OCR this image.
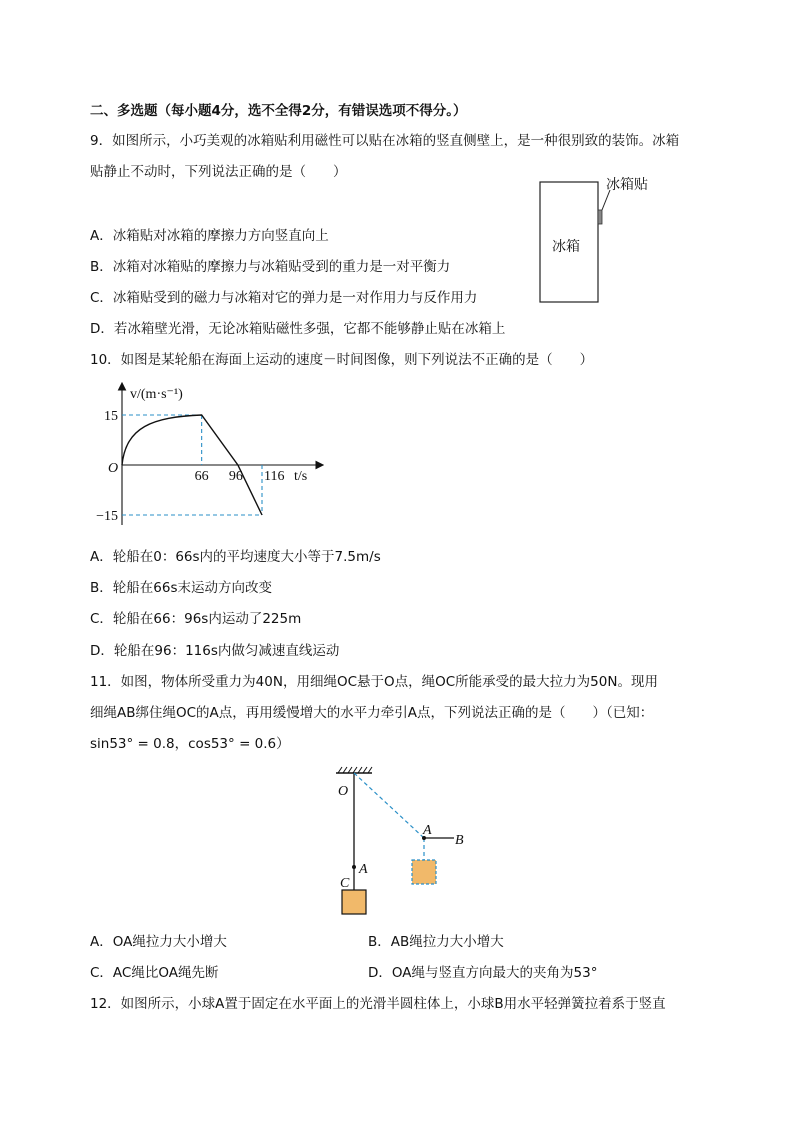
二、多选题（每小题4分，选不全得2分，有错误选项不得分。）
9．如图所示，小巧美观的冰箱贴利用磁性可以贴在冰箱的竖直侧壁上，是一种很别致的装饰。冰箱
贴静止不动时，下列说法正确的是（　　）
冰箱
冰箱贴
A．冰箱贴对冰箱的摩擦力方向竖直向上
B．冰箱对冰箱贴的摩擦力与冰箱贴受到的重力是一对平衡力
C．冰箱贴受到的磁力与冰箱对它的弹力是一对作用力与反作用力
D．若冰箱壁光滑，无论冰箱贴磁性多强，它都不能够静止贴在冰箱上
10．如图是某轮船在海面上运动的速度－时间图像，则下列说法不正确的是（　　）
v/(m·s⁻¹)
O
t/s
66 96 116
15
−15
A．轮船在0：66s内的平均速度大小等于7.5m/s
B．轮船在66s末运动方向改变
C．轮船在66：96s内运动了225m
D．轮船在96：116s内做匀减速直线运动
11．如图，物体所受重力为40N，用细绳OC悬于O点，绳OC所能承受的最大拉力为50N。现用
细绳AB绑住绳OC的A点，再用缓慢增大的水平力牵引A点，下列说法正确的是（　　）（已知：
sin53° = 0.8，cos53° = 0.6）
O
A
C
A
B
A．OA绳拉力大小增大	B．AB绳拉力大小增大
C．AC绳比OA绳先断	D．OA绳与竖直方向最大的夹角为53°
12．如图所示，小球A置于固定在水平面上的光滑半圆柱体上，小球B用水平轻弹簧拉着系于竖直
